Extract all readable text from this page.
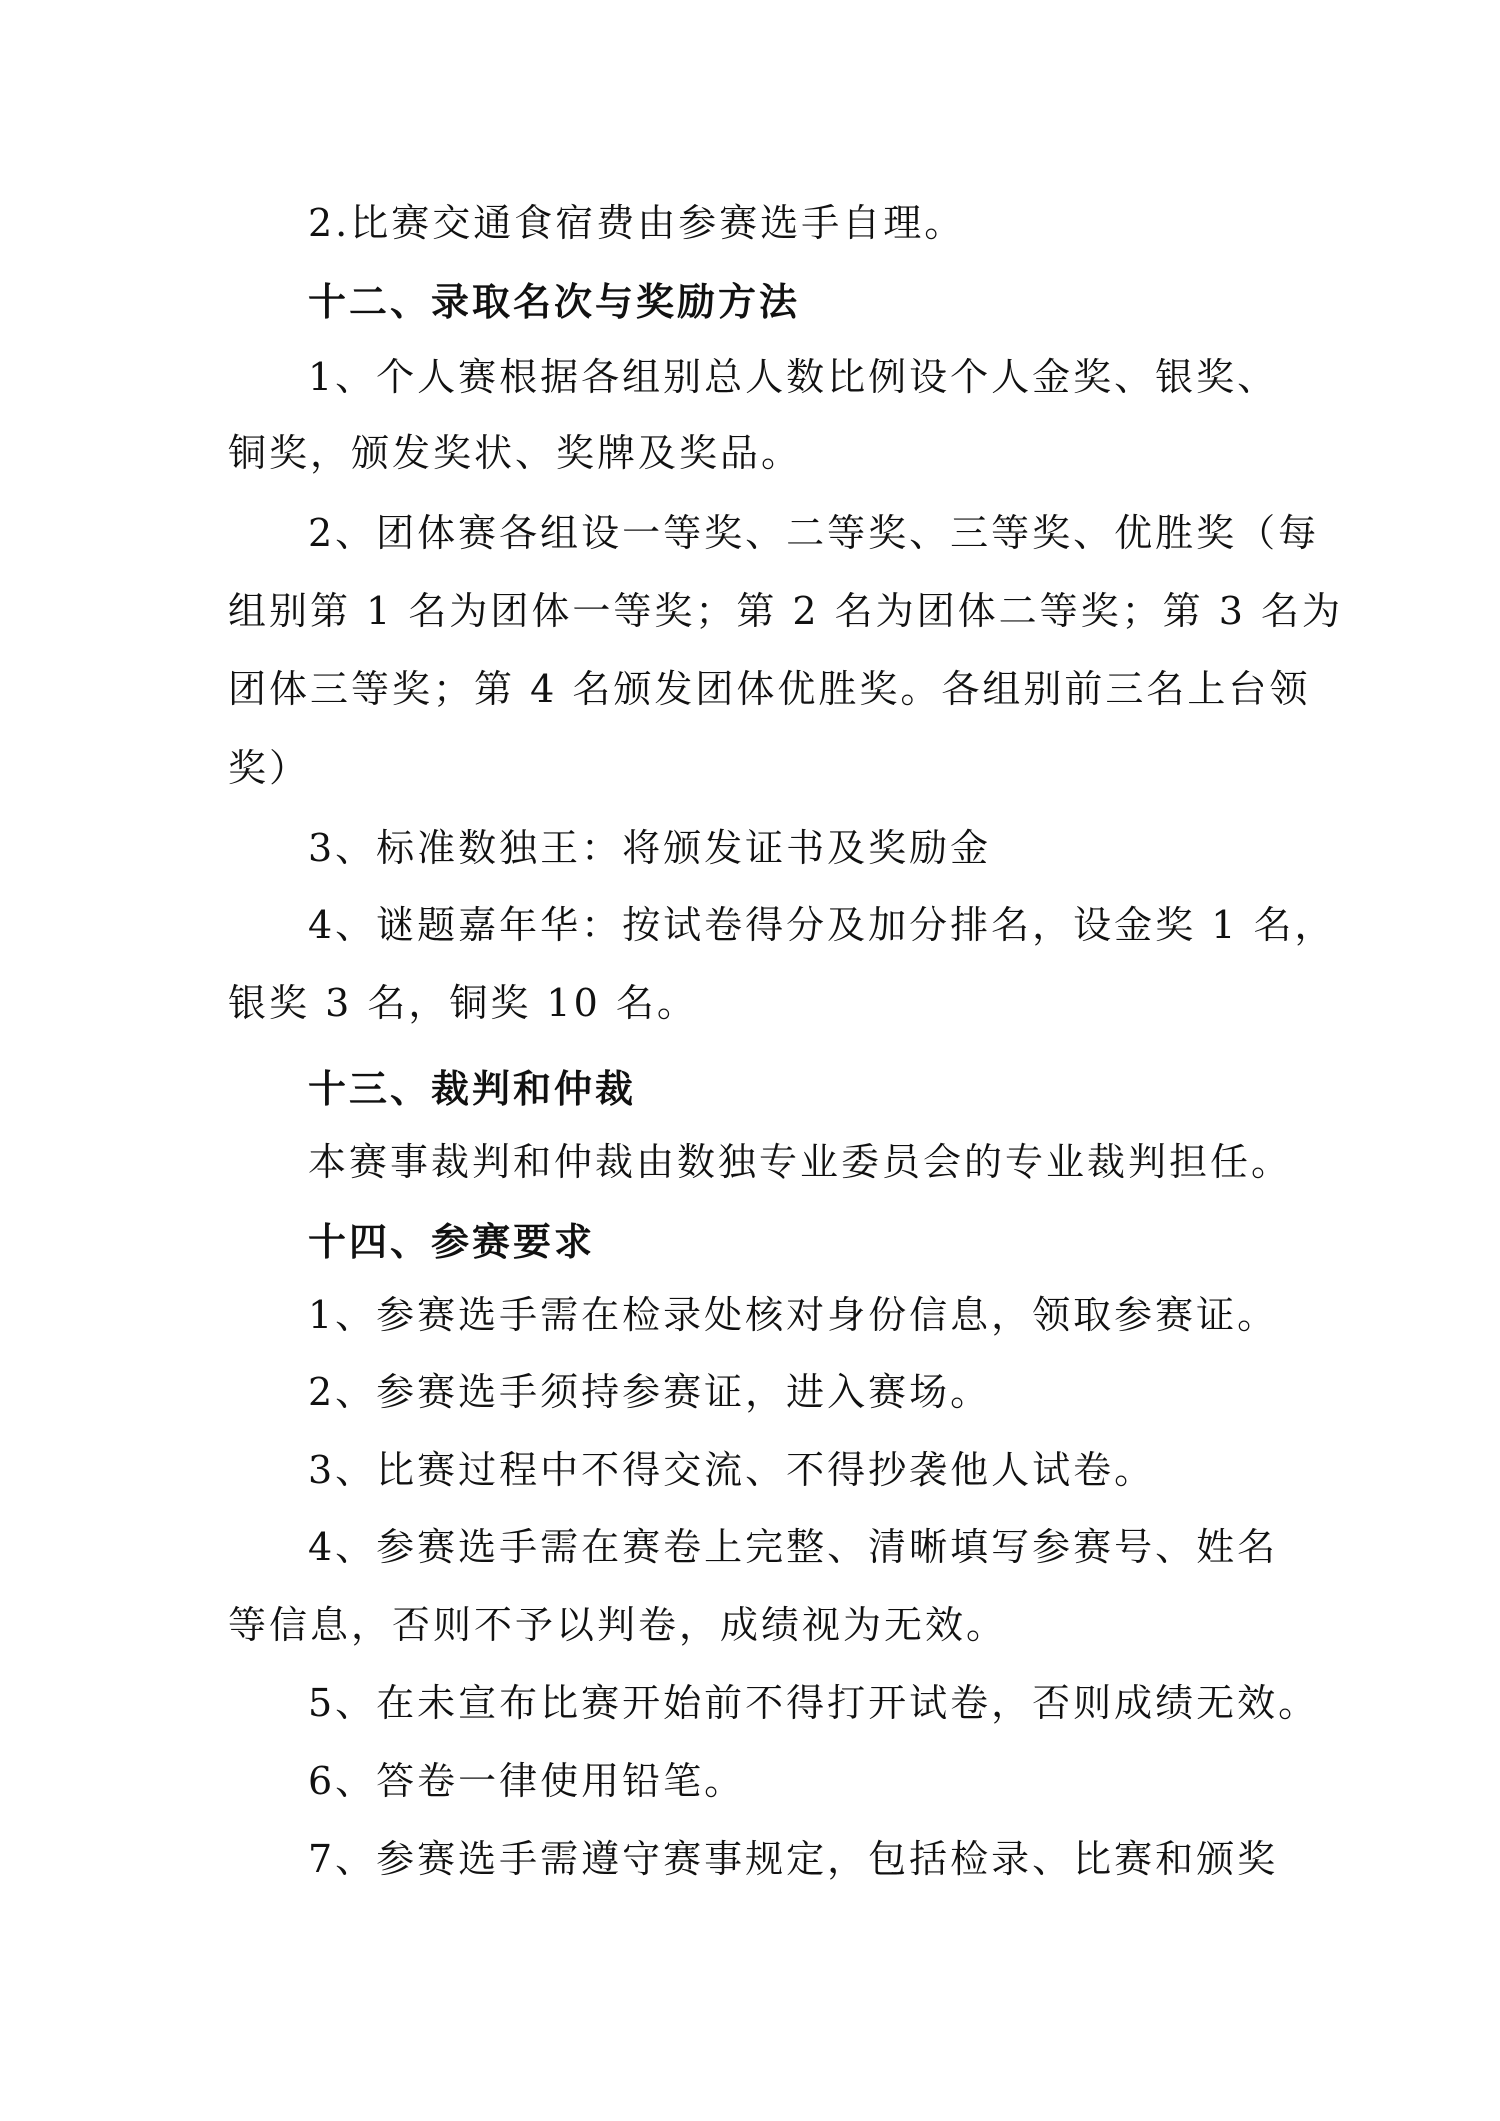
2.比赛交通食宿费由参赛选手自理。
十二、录取名次与奖励方法
1、个人赛根据各组别总人数比例设个人金奖、银奖、
铜奖，颁发奖状、奖牌及奖品。
2、团体赛各组设一等奖、二等奖、三等奖、优胜奖（每
组别第 1 名为团体一等奖；第 2 名为团体二等奖；第 3 名为
团体三等奖；第 4 名颁发团体优胜奖。各组别前三名上台领
奖）
3、标准数独王：将颁发证书及奖励金
4、谜题嘉年华：按试卷得分及加分排名，设金奖 1 名，
银奖 3 名，铜奖 10 名。
十三、裁判和仲裁
本赛事裁判和仲裁由数独专业委员会的专业裁判担任。
十四、参赛要求
1、参赛选手需在检录处核对身份信息，领取参赛证。
2、参赛选手须持参赛证，进入赛场。
3、比赛过程中不得交流、不得抄袭他人试卷。
4、参赛选手需在赛卷上完整、清晰填写参赛号、姓名
等信息，否则不予以判卷，成绩视为无效。
5、在未宣布比赛开始前不得打开试卷，否则成绩无效。
6、答卷一律使用铅笔。
7、参赛选手需遵守赛事规定，包括检录、比赛和颁奖
